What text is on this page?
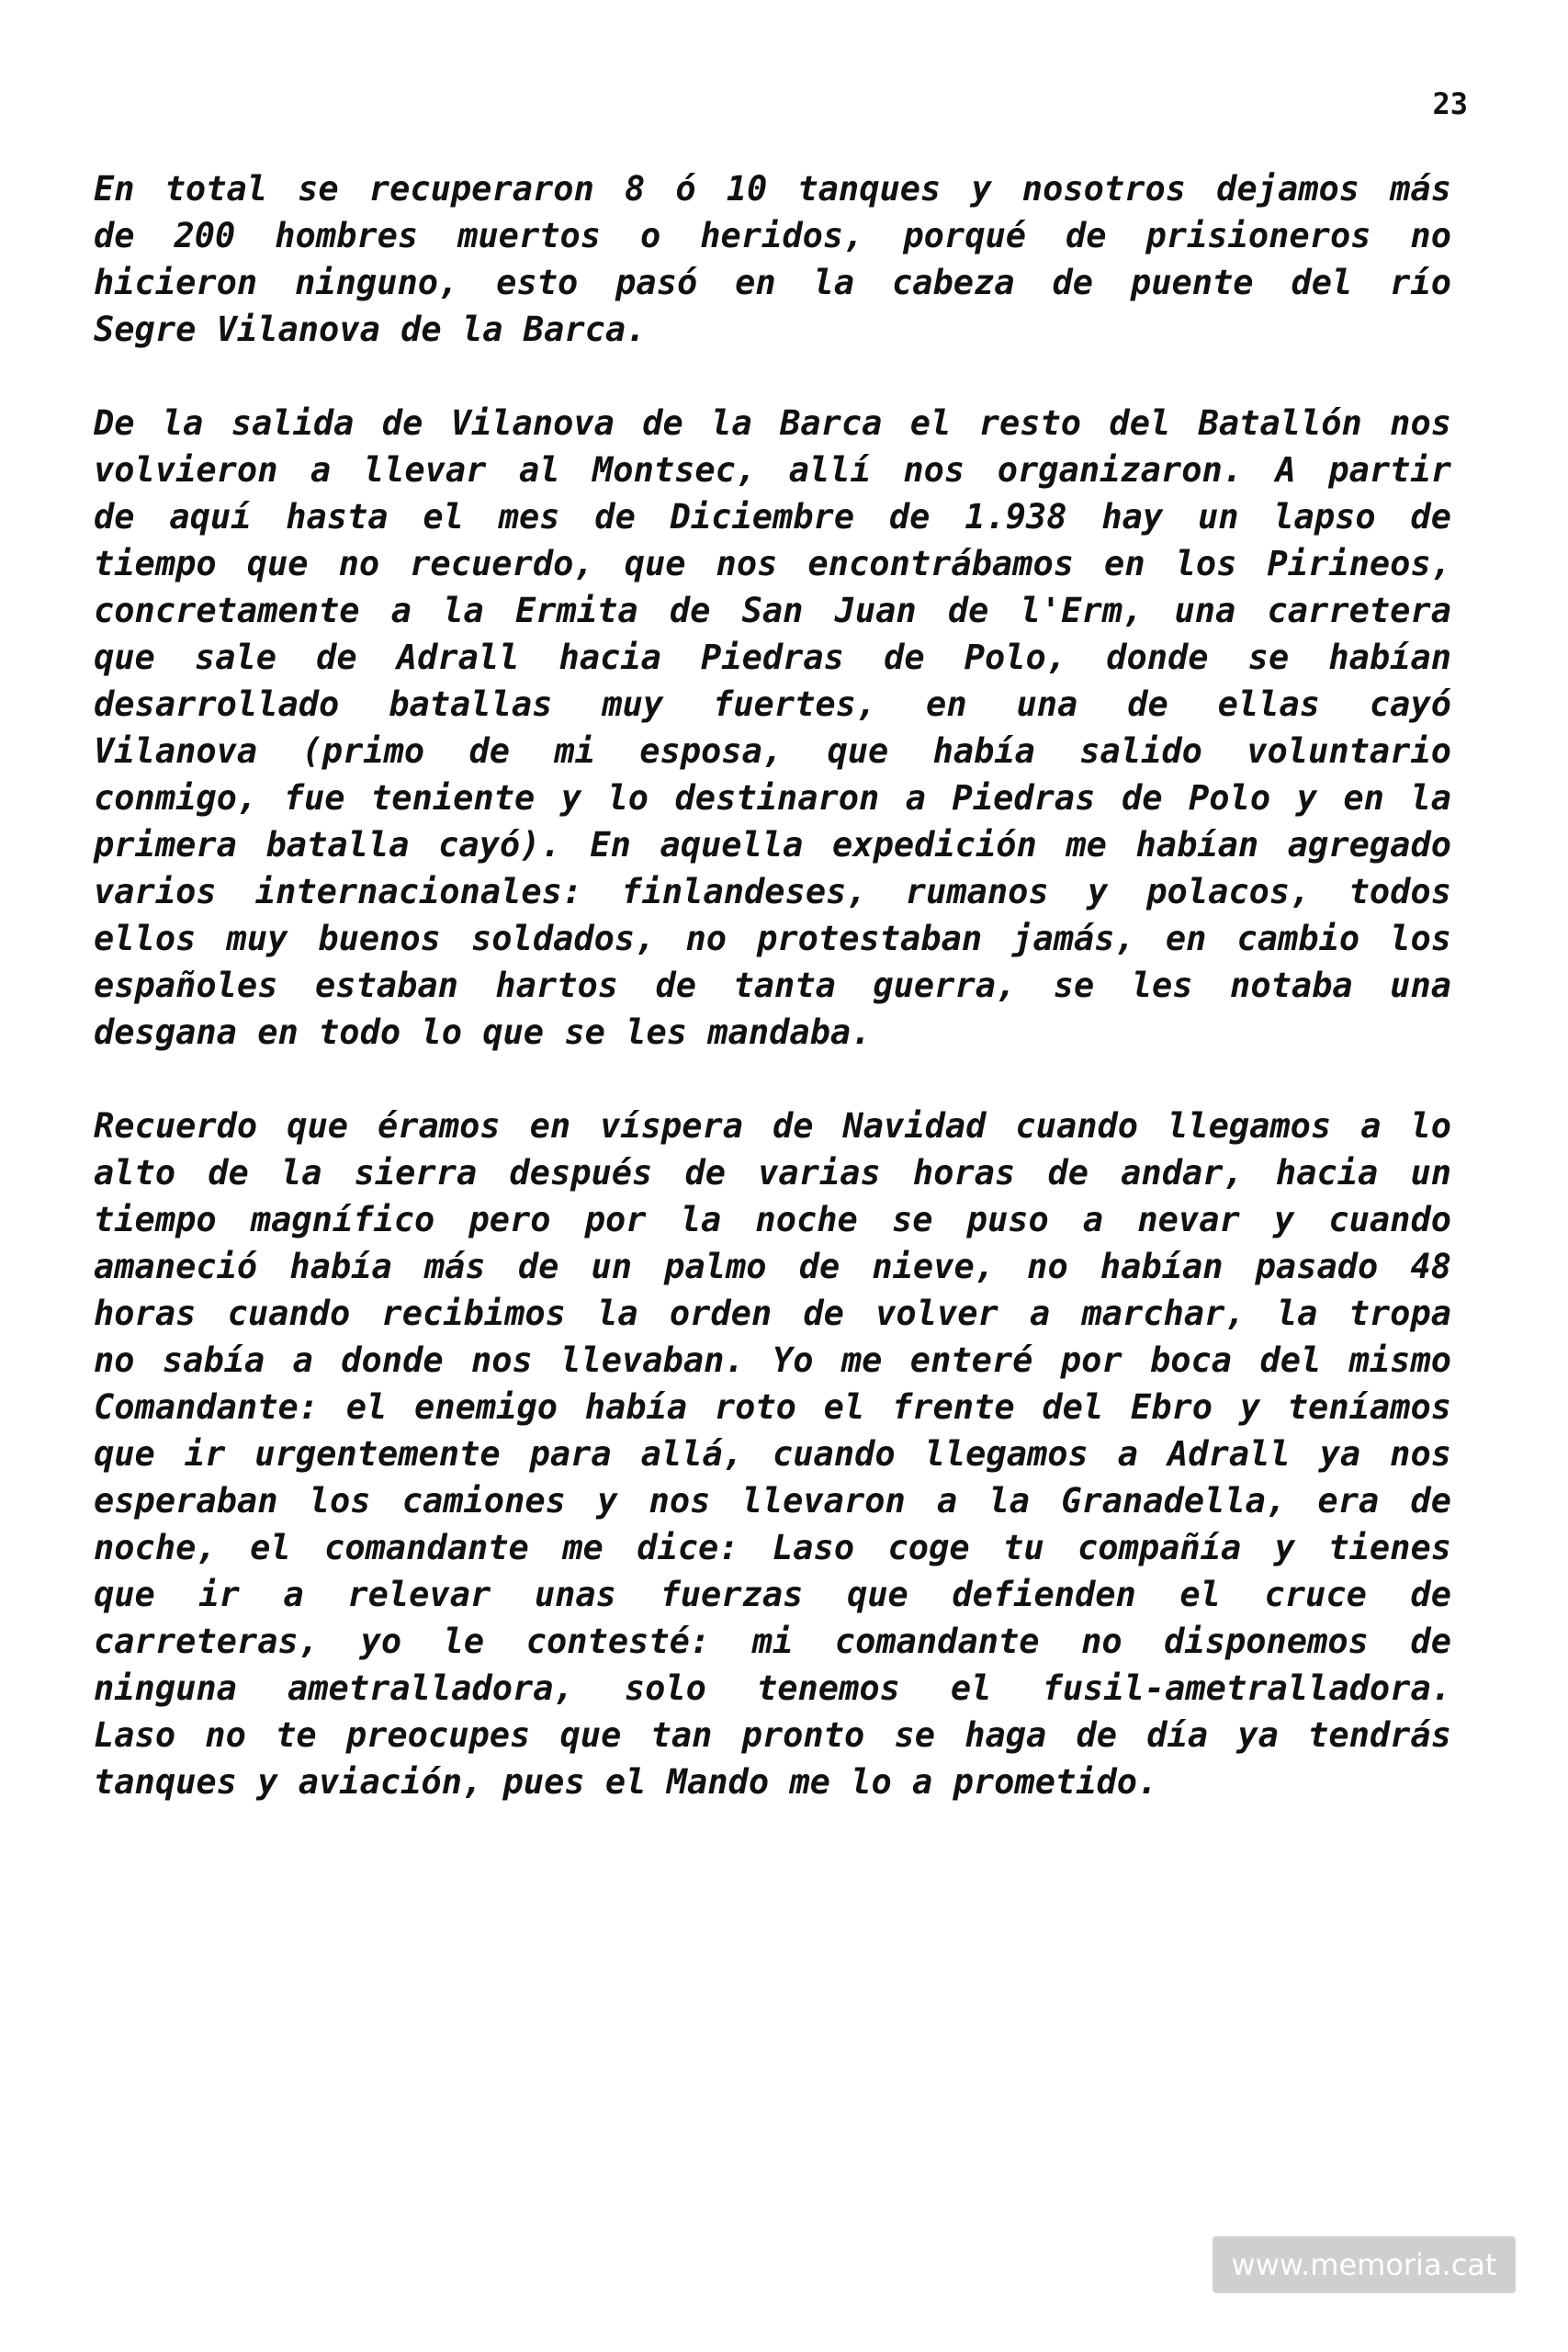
23
En total se recuperaron 8 ó 10 tanques y nosotros dejamos más
de 200 hombres muertos o heridos, porqué de prisioneros no
hicieron ninguno, esto pasó en la cabeza de puente del río
Segre Vilanova de la Barca.
De la salida de Vilanova de la Barca el resto del Batallón nos
volvieron a llevar al Montsec, allí nos organizaron. A partir
de aquí hasta el mes de Diciembre de 1.938 hay un lapso de
tiempo que no recuerdo, que nos encontrábamos en los Pirineos,
concretamente a la Ermita de San Juan de l'Erm, una carretera
que sale de Adrall hacia Piedras de Polo, donde se habían
desarrollado batallas muy fuertes, en una de ellas cayó
Vilanova (primo de mi esposa, que había salido voluntario
conmigo, fue teniente y lo destinaron a Piedras de Polo y en la
primera batalla cayó). En aquella expedición me habían agregado
varios internacionales: finlandeses, rumanos y polacos, todos
ellos muy buenos soldados, no protestaban jamás, en cambio los
españoles estaban hartos de tanta guerra, se les notaba una
desgana en todo lo que se les mandaba.
Recuerdo que éramos en víspera de Navidad cuando llegamos a lo
alto de la sierra después de varias horas de andar, hacia un
tiempo magnífico pero por la noche se puso a nevar y cuando
amaneció había más de un palmo de nieve, no habían pasado 48
horas cuando recibimos la orden de volver a marchar, la tropa
no sabía a donde nos llevaban. Yo me enteré por boca del mismo
Comandante: el enemigo había roto el frente del Ebro y teníamos
que ir urgentemente para allá, cuando llegamos a Adrall ya nos
esperaban los camiones y nos llevaron a la Granadella, era de
noche, el comandante me dice: Laso coge tu compañía y tienes
que ir a relevar unas fuerzas que defienden el cruce de
carreteras, yo le contesté: mi comandante no disponemos de
ninguna ametralladora, solo tenemos el fusil-ametralladora.
Laso no te preocupes que tan pronto se haga de día ya tendrás
tanques y aviación, pues el Mando me lo a prometido.
www.memoria.cat
